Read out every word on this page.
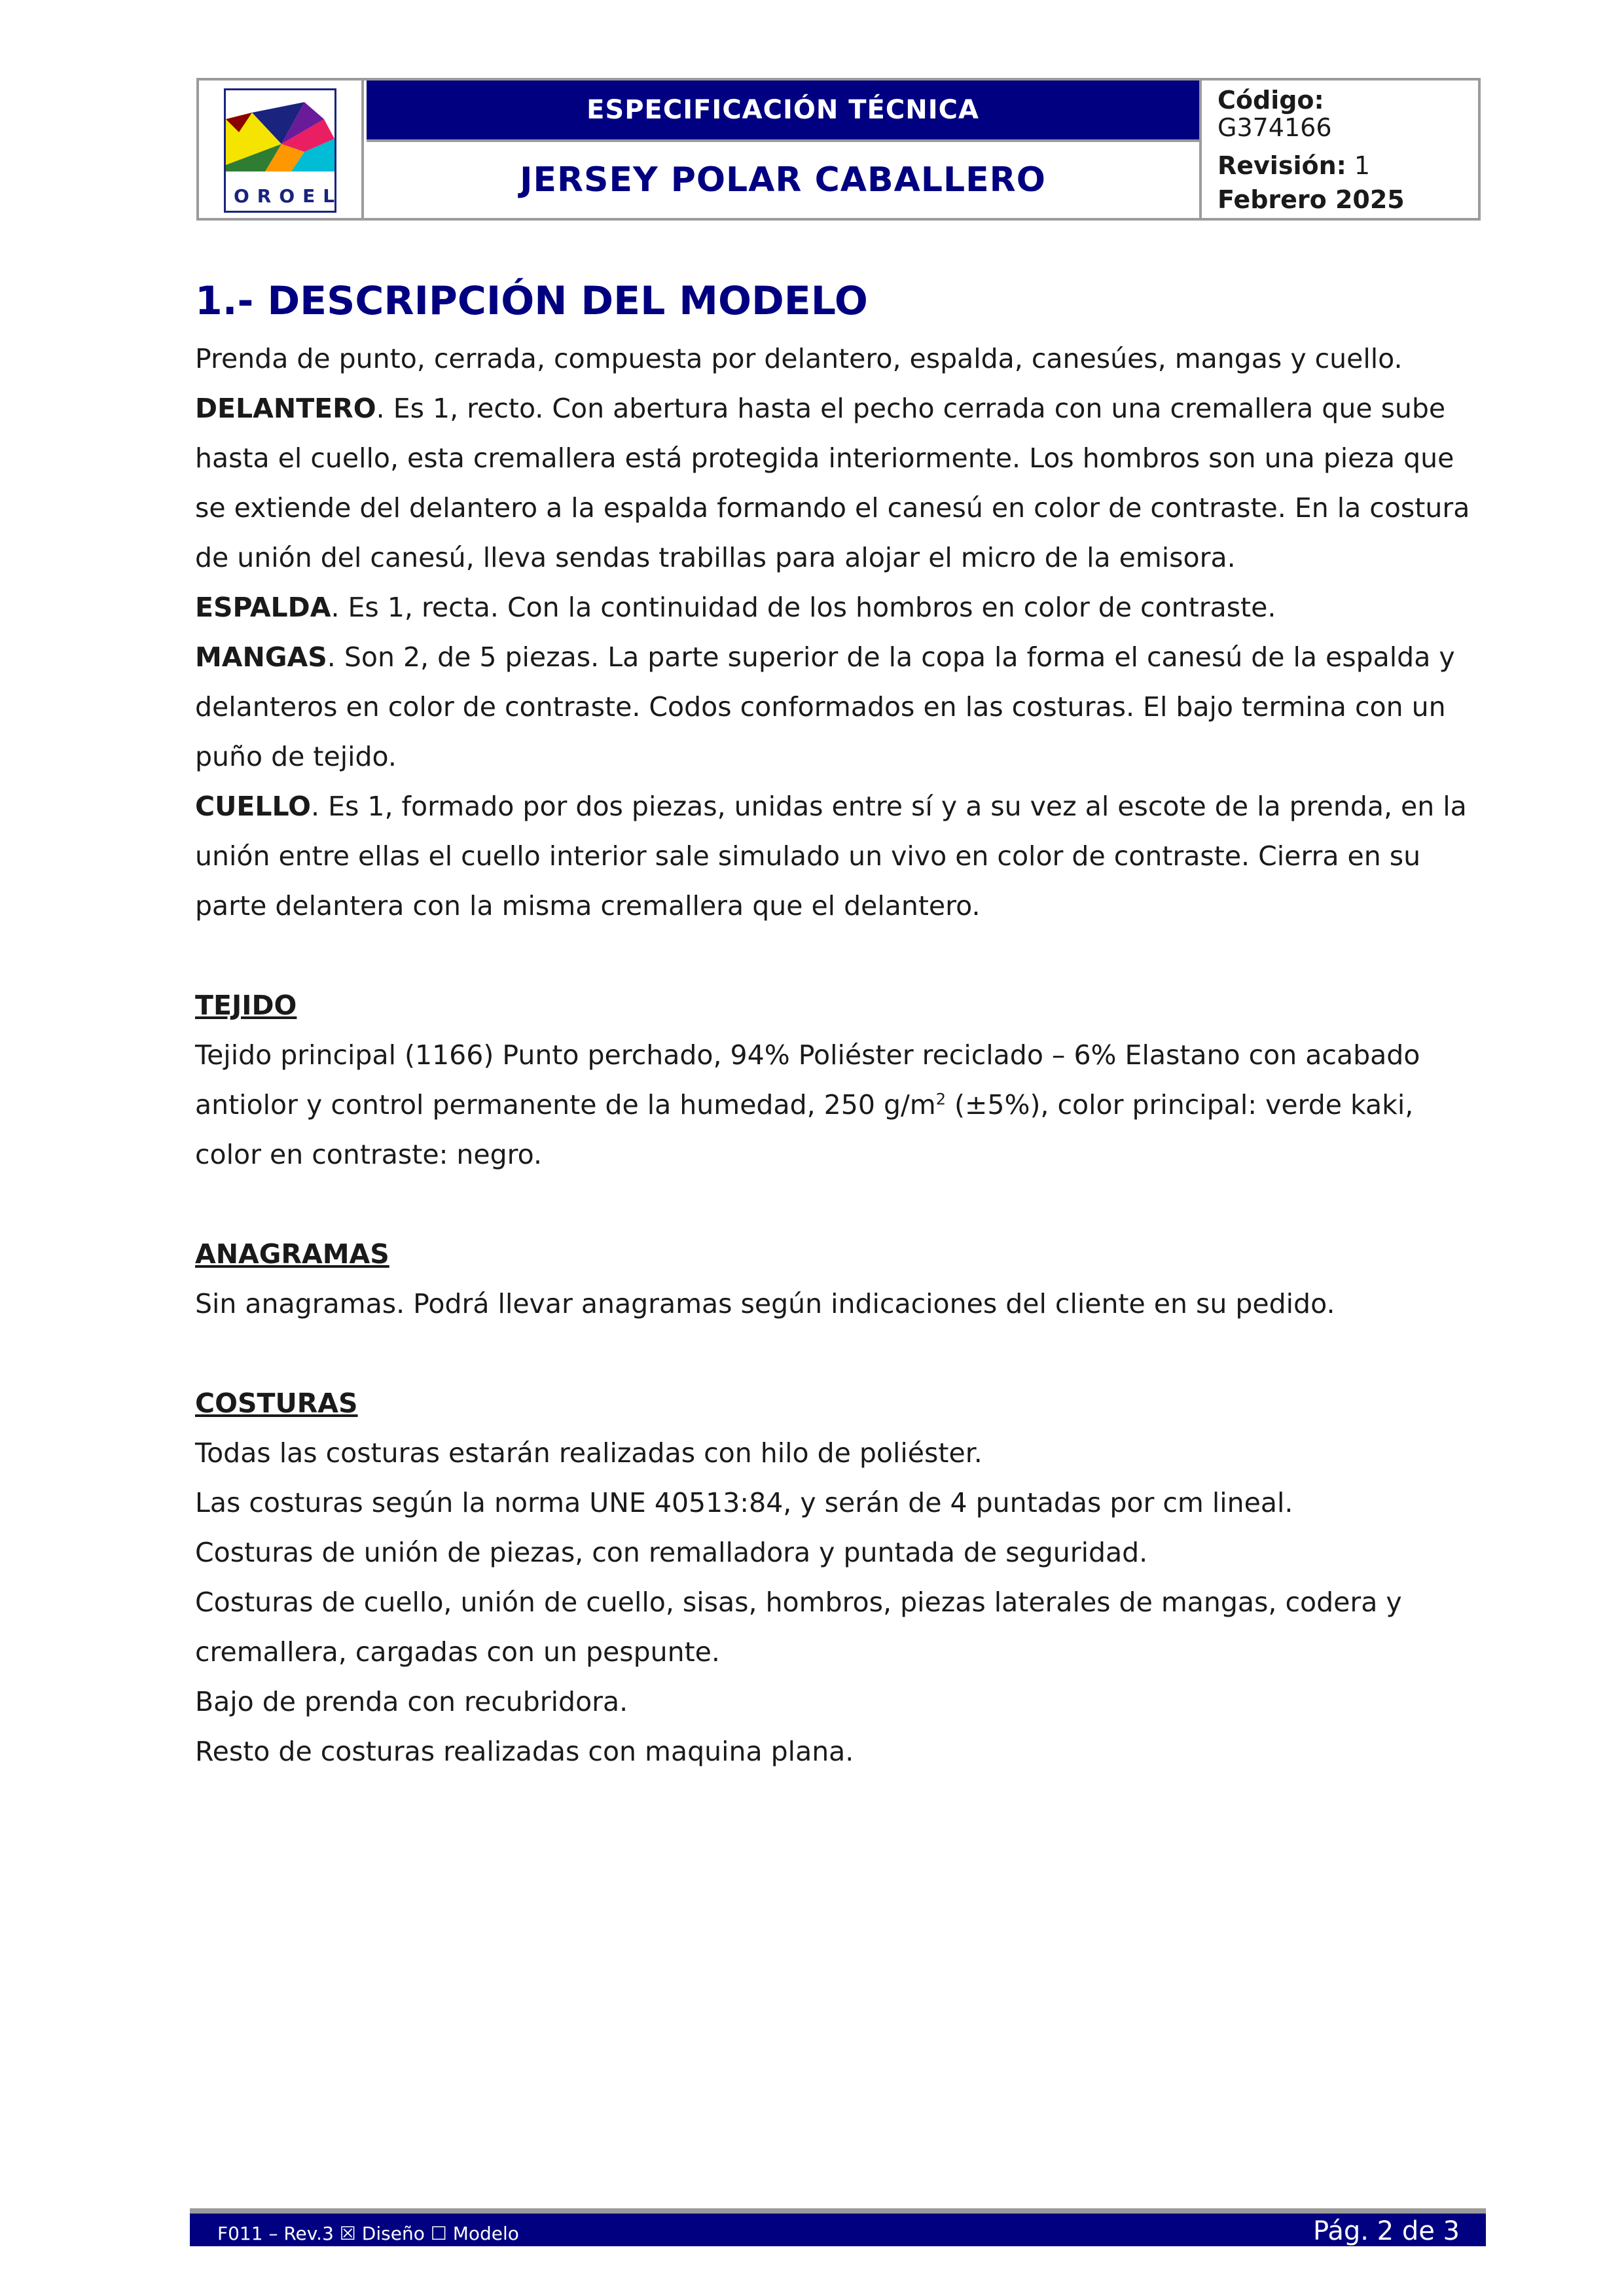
OROEL
ESPECIFICACIÓN TÉCNICA
JERSEY POLAR CABALLERO
Código:
G374166
Revisión: 1
Febrero 2025
1.- DESCRIPCIÓN DEL MODELO

Prenda de punto, cerrada, compuesta por delantero, espalda, canesúes, mangas y cuello.

DELANTERO. Es 1, recto. Con abertura hasta el pecho cerrada con una cremallera que sube hasta el cuello, esta cremallera está protegida interiormente. Los hombros son una pieza que se extiende del delantero a la espalda formando el canesú en color de contraste. En la costura de unión del canesú, lleva sendas trabillas para alojar el micro de la emisora.

ESPALDA. Es 1, recta. Con la continuidad de los hombros en color de contraste.

MANGAS. Son 2, de 5 piezas. La parte superior de la copa la forma el canesú de la espalda y delanteros en color de contraste. Codos conformados en las costuras. El bajo termina con un puño de tejido.

CUELLO. Es 1, formado por dos piezas, unidas entre sí y a su vez al escote de la prenda, en la unión entre ellas el cuello interior sale simulado un vivo en color de contraste. Cierra en su parte delantera con la misma cremallera que el delantero.

TEJIDO

Tejido principal (1166) Punto perchado, 94% Poliéster reciclado – 6% Elastano con acabado antiolor y control permanente de la humedad, 250 $g/m^2$ (±5%), color principal: verde kaki, color en contraste: negro.

ANAGRAMAS

Sin anagramas. Podrá llevar anagramas según indicaciones del cliente en su pedido.

COSTURAS

Todas las costuras estarán realizadas con hilo de poliéster.

Las costuras según la norma UNE 40513:84, y serán de 4 puntadas por cm lineal.

Costuras de unión de piezas, con remalladora y puntada de seguridad.

Costuras de cuello, unión de cuello, sisas, hombros, piezas laterales de mangas, codera y cremallera, cargadas con un pespunte.

Bajo de prenda con recubridora.

Resto de costuras realizadas con maquina plana.

F011 – Rev.3 ☒ Diseño ☐ Modelo	Pág. 2 de 3
